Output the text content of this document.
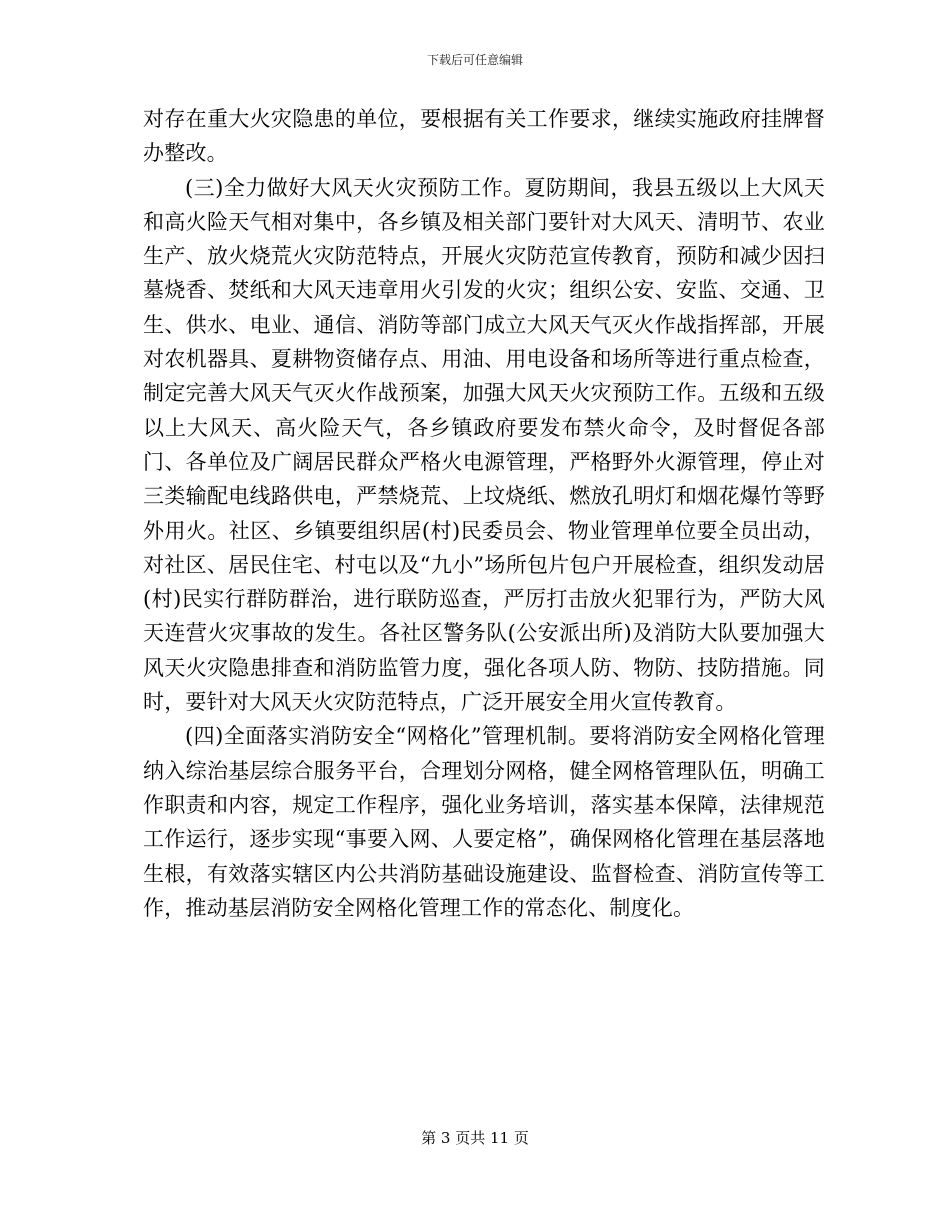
下载后可任意编辑

对存在重大火灾隐患的单位，要根据有关工作要求，继续实施政府挂牌督办整改。

(三)全力做好大风天火灾预防工作。夏防期间，我县五级以上大风天和高火险天气相对集中，各乡镇及相关部门要针对大风天、清明节、农业生产、放火烧荒火灾防范特点，开展火灾防范宣传教育，预防和减少因扫墓烧香、焚纸和大风天违章用火引发的火灾；组织公安、安监、交通、卫生、供水、电业、通信、消防等部门成立大风天气灭火作战指挥部，开展对农机器具、夏耕物资储存点、用油、用电设备和场所等进行重点检查，制定完善大风天气灭火作战预案，加强大风天火灾预防工作。五级和五级以上大风天、高火险天气，各乡镇政府要发布禁火命令，及时督促各部门、各单位及广阔居民群众严格火电源管理，严格野外火源管理，停止对三类输配电线路供电，严禁烧荒、上坟烧纸、燃放孔明灯和烟花爆竹等野外用火。社区、乡镇要组织居(村)民委员会、物业管理单位要全员出动，对社区、居民住宅、村屯以及“九小”场所包片包户开展检查，组织发动居(村)民实行群防群治，进行联防巡查，严厉打击放火犯罪行为，严防大风天连营火灾事故的发生。各社区警务队(公安派出所)及消防大队要加强大风天火灾隐患排查和消防监管力度，强化各项人防、物防、技防措施。同时，要针对大风天火灾防范特点，广泛开展安全用火宣传教育。

(四)全面落实消防安全“网格化”管理机制。要将消防安全网格化管理纳入综治基层综合服务平台，合理划分网格，健全网格管理队伍，明确工作职责和内容，规定工作程序，强化业务培训，落实基本保障，法律规范工作运行，逐步实现“事要入网、人要定格”，确保网格化管理在基层落地生根，有效落实辖区内公共消防基础设施建设、监督检查、消防宣传等工作，推动基层消防安全网格化管理工作的常态化、制度化。

第 3 页共 11 页
